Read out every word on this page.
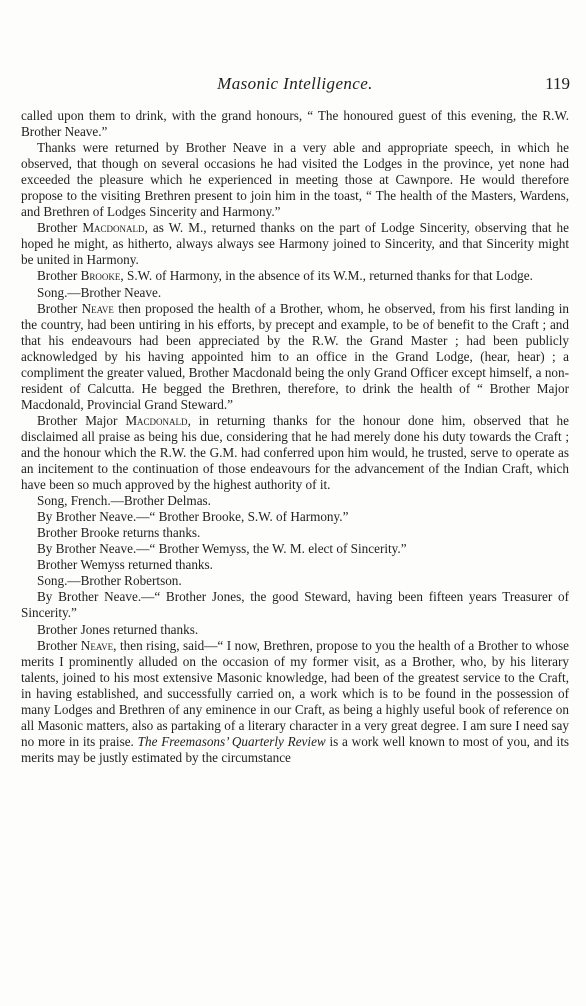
Masonic Intelligence.	119

called upon them to drink, with the grand honours, “ The honoured guest of this evening, the R.W. Brother Neave.”

Thanks were returned by Brother Neave in a very able and appropriate speech, in which he observed, that though on several occasions he had visited the Lodges in the province, yet none had exceeded the pleasure which he experienced in meeting those at Cawnpore. He would therefore propose to the visiting Brethren present to join him in the toast, “ The health of the Masters, Wardens, and Brethren of Lodges Sincerity and Harmony.”

Brother Macdonald, as W. M., returned thanks on the part of Lodge Sincerity, observing that he hoped he might, as hitherto, always always see Harmony joined to Sincerity, and that Sincerity might be united in Harmony.

Brother Brooke, S.W. of Harmony, in the absence of its W.M., returned thanks for that Lodge.

Song.—Brother Neave.

Brother Neave then proposed the health of a Brother, whom, he observed, from his first landing in the country, had been untiring in his efforts, by precept and example, to be of benefit to the Craft ; and that his endeavours had been appreciated by the R.W. the Grand Master ; had been publicly acknowledged by his having appointed him to an office in the Grand Lodge, (hear, hear) ; a compliment the greater valued, Brother Macdonald being the only Grand Officer except himself, a non-resident of Calcutta. He begged the Brethren, therefore, to drink the health of “ Brother Major Macdonald, Provincial Grand Steward.”

Brother Major Macdonald, in returning thanks for the honour done him, observed that he disclaimed all praise as being his due, considering that he had merely done his duty towards the Craft ; and the honour which the R.W. the G.M. had conferred upon him would, he trusted, serve to operate as an incitement to the continuation of those endeavours for the advancement of the Indian Craft, which have been so much approved by the highest authority of it.

Song, French.—Brother Delmas.

By Brother Neave.—“ Brother Brooke, S.W. of Harmony.”

Brother Brooke returns thanks.

By Brother Neave.—“ Brother Wemyss, the W. M. elect of Sincerity.”

Brother Wemyss returned thanks.

Song.—Brother Robertson.

By Brother Neave.—“ Brother Jones, the good Steward, having been fifteen years Treasurer of Sincerity.”

Brother Jones returned thanks.

Brother Neave, then rising, said—“ I now, Brethren, propose to you the health of a Brother to whose merits I prominently alluded on the occasion of my former visit, as a Brother, who, by his literary talents, joined to his most extensive Masonic knowledge, had been of the greatest service to the Craft, in having established, and successfully carried on, a work which is to be found in the possession of many Lodges and Brethren of any eminence in our Craft, as being a highly useful book of reference on all Masonic matters, also as partaking of a literary character in a very great degree. I am sure I need say no more in its praise. The Freemasons’ Quarterly Review is a work well known to most of you, and its merits may be justly estimated by the circumstance
